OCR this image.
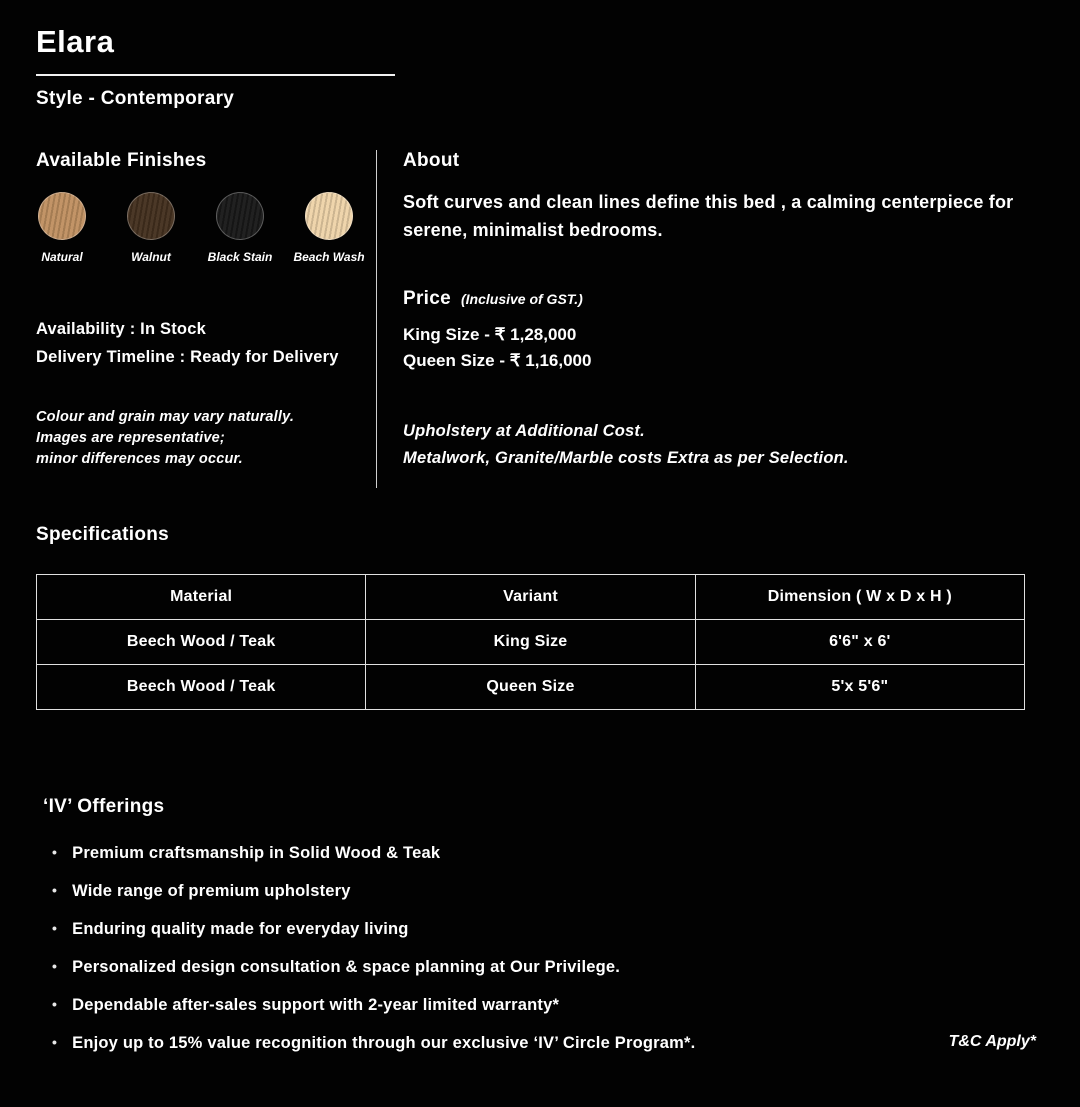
Elara
Style - Contemporary
Available Finishes
Natural	Walnut	Black Stain Beach Wash
Availability : In Stock
Delivery Timeline : Ready for Delivery
Colour and grain may vary naturally.
Images are representative;
minor differences may occur.
About
Soft curves and clean lines define this bed , a calming centerpiece for serene, minimalist bedrooms.
Price (Inclusive of GST.)
King Size - ₹ 1,28,000
Queen Size - ₹ 1,16,000
Upholstery at Additional Cost.
Metalwork, Granite/Marble costs Extra as per Selection.
Specifications
Material	Variant	Dimension ( W x D x H )
Beech Wood / Teak	King Size	6'6" x 6'
Beech Wood / Teak	Queen Size	5'x 5'6"
‘IV’ Offerings
• Premium craftsmanship in Solid Wood & Teak
• Wide range of premium upholstery
• Enduring quality made for everyday living
• Personalized design consultation & space planning at Our Privilege.
• Dependable after-sales support with 2-year limited warranty*
• Enjoy up to 15% value recognition through our exclusive ‘IV’ Circle Program*.	T&C Apply*
